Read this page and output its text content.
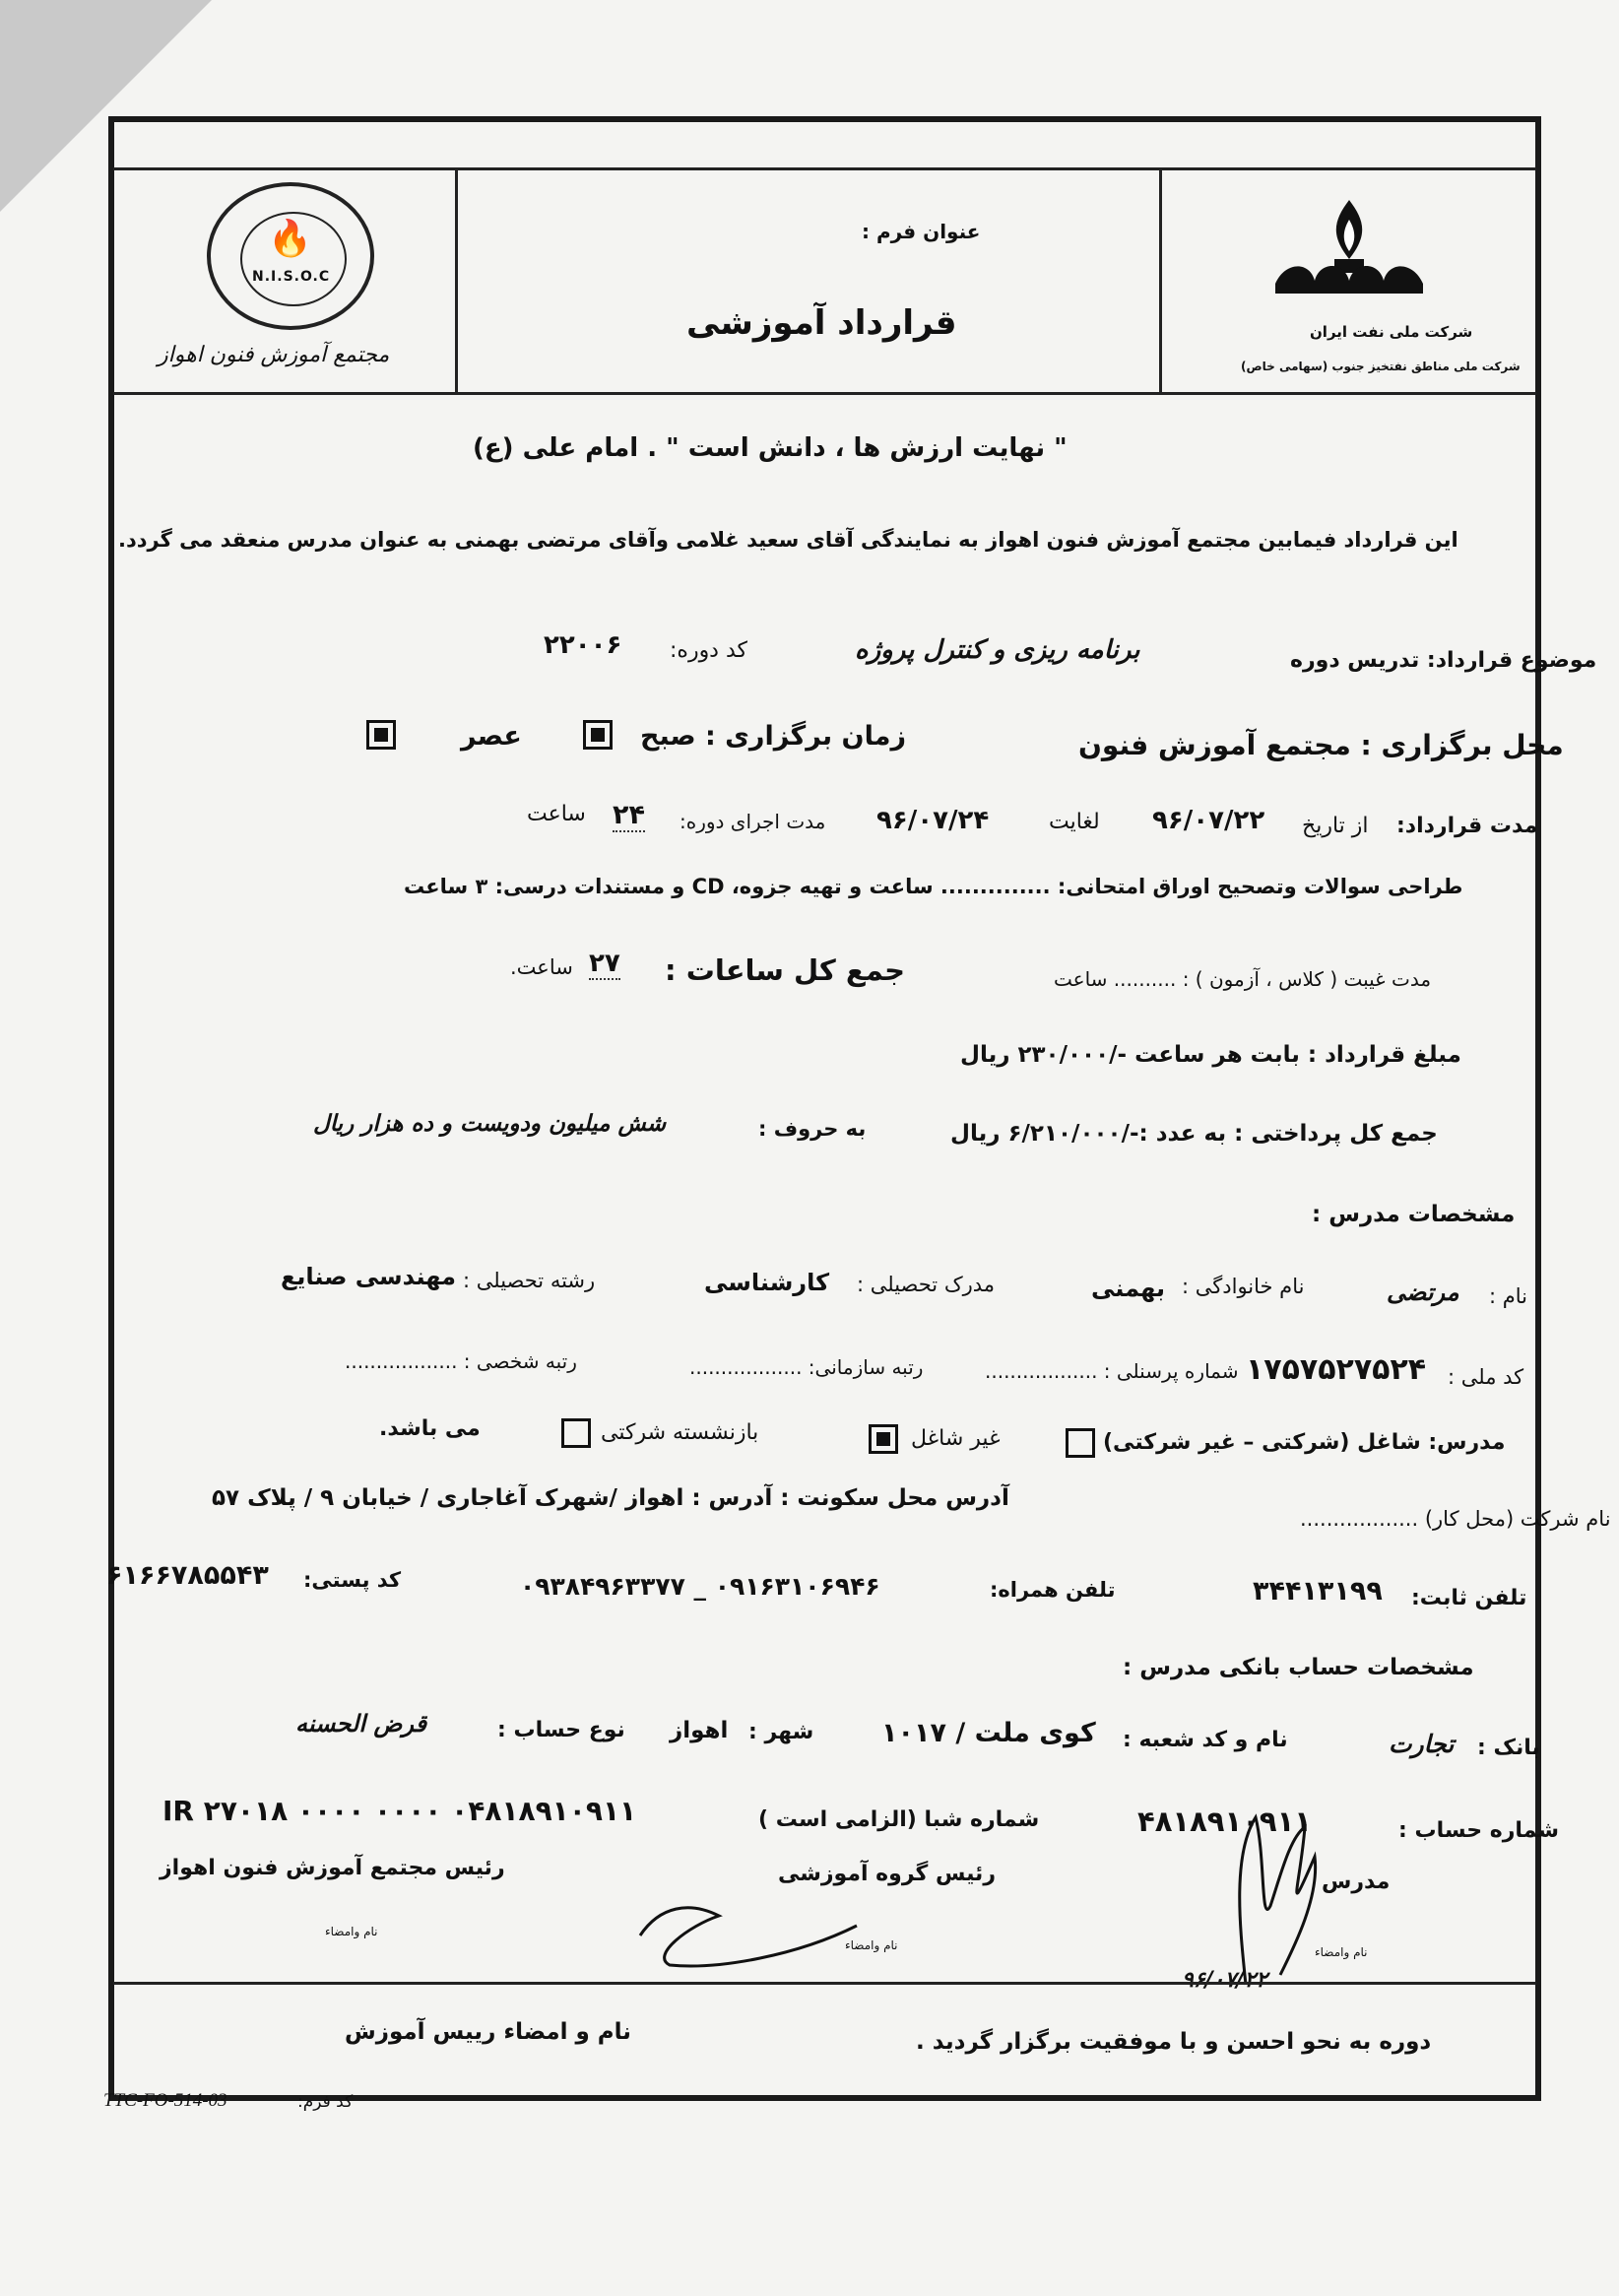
🔥
N.I.S.O.C
مجتمع آموزش فنون اهواز
عنوان فرم :
قرارداد آموزشی	شرکت ملی نفت ایران
شرکت ملی مناطق نفتخیز جنوب (سهامی خاص)
" نهایت ارزش ها ، دانش است " . امام علی (ع)
این قرارداد فیمابین مجتمع آموزش فنون اهواز به نمایندگی آقای سعید غلامی وآقای مرتضی بهمنی به عنوان مدرس منعقد می گردد.
موضوع قرارداد: تدریس دوره
برنامه ریزی و کنترل پروژه
کد دوره:
۲۲۰۰۶
محل برگزاری : مجتمع آموزش فنون
زمان برگزاری : صبح
عصر
مدت قرارداد:
از تاریخ
۹۶/۰۷/۲۲
لغایت
۹۶/۰۷/۲۴
مدت اجرای دوره:
۲۴
ساعت
طراحی سوالات وتصحیح اوراق امتحانی: .............. ساعت و تهیه جزوه، CD و مستندات درسی: ۳ ساعت
مدت غیبت ( کلاس ، آزمون ) : .......... ساعت
جمع کل ساعات :
۲۷
ساعت.
مبلغ قرارداد : بابت هر ساعت -/۲۳۰/۰۰۰ ریال
جمع کل پرداختی : به عدد :-/۶/۲۱۰/۰۰۰ ریال
به حروف :
شش میلیون ودویست و ده هزار ریال
مشخصات مدرس :
نام :
مرتضی
نام خانوادگی :
بهمنی
مدرک تحصیلی :
کارشناسی
رشته تحصیلی :
مهندسی صنایع
کد ملی :
۱۷۵۷۵۲۷۵۲۴
شماره پرسنلی : ..................
رتبه سازمانی: ..................
رتبه شخصی : ..................
مدرس: شاغل (شرکتی – غیر شرکتی)
غیر شاغل
بازنشسته شرکتی
می باشد.
نام شرکت (محل کار) ..................
آدرس محل سکونت : آدرس : اهواز /شهرک آغاجاری / خیابان ۹ / پلاک ۵۷
تلفن ثابت:
۳۴۴۱۳۱۹۹
تلفن همراه:
۰۹۳۸۴۹۶۳۳۷۷ _ ۰۹۱۶۳۱۰۶۹۴۶
کد پستی:
۶۱۶۶۷۸۵۵۴۳
مشخصات حساب بانکی مدرس :
بانک :
تجارت
نام و کد شعبه :
کوی ملت / ۱۰۱۷
شهر :
اهواز
نوع حساب :
قرض الحسنه
شماره حساب :
۴۸۱۸۹۱۰۹۱۱
شماره شبا (الزامی است )
IR ۲۷۰۱۸ ۰۰۰۰ ۰۰۰۰ ۰۴۸۱۸۹۱۰۹۱۱
مدرس
نام وامضاء
رئیس گروه آموزشی
نام وامضاء
رئیس مجتمع آموزش فنون اهواز
نام وامضاء
۹۶/۰۷/۲۲
نام و امضاء رییس آموزش	دوره به نحو احسن و با موفقیت برگزار گردید .
کد فرم:
TTC-FO-514-03
